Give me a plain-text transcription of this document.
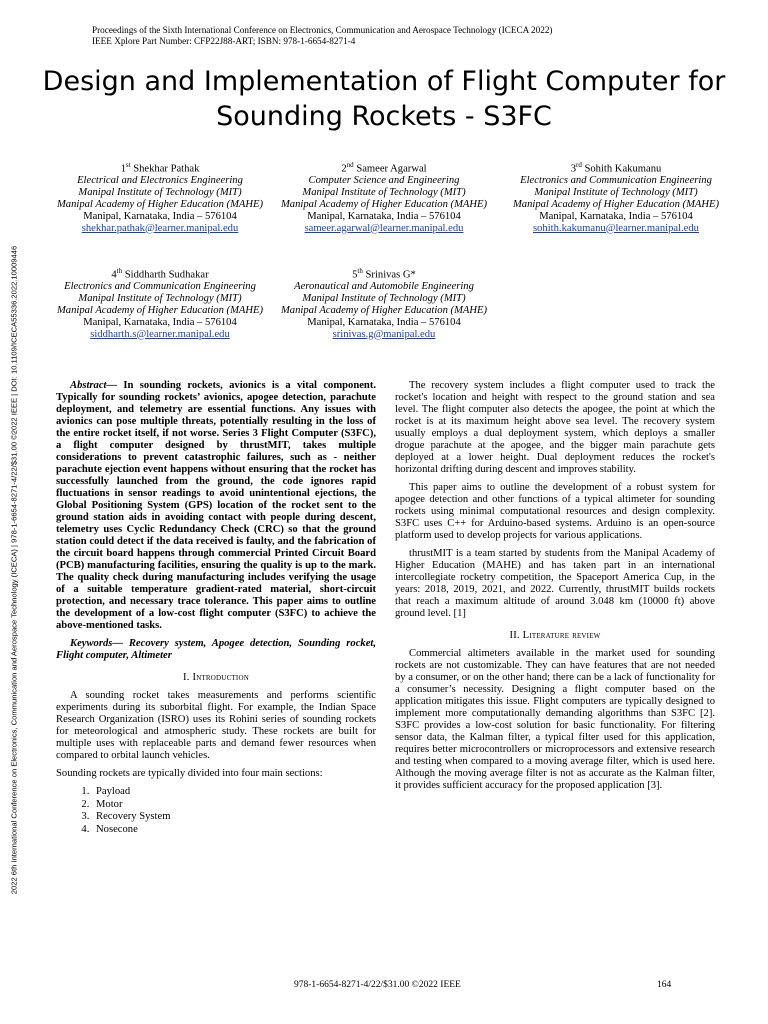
Proceedings of the Sixth International Conference on Electronics, Communication and Aerospace Technology (ICECA 2022)
IEEE Xplore Part Number: CFP22J88-ART; ISBN: 978-1-6654-8271-4
Design and Implementation of Flight Computer for Sounding Rockets - S3FC
2022 6th International Conference on Electronics, Communication and Aerospace Technology (ICECA) | 978-1-6654-8271-4/22/$31.00 ©2022 IEEE | DOI: 10.1109/ICECA55336.2022.10009446
1st Shekhar Pathak
Electrical and Electronics Engineering
Manipal Institute of Technology (MIT)
Manipal Academy of Higher Education (MAHE)
Manipal, Karnataka, India – 576104
shekhar.pathak@learner.manipal.edu
2nd Sameer Agarwal
Computer Science and Engineering
Manipal Institute of Technology (MIT)
Manipal Academy of Higher Education (MAHE)
Manipal, Karnataka, India – 576104
sameer.agarwal@learner.manipal.edu
3rd Sohith Kakumanu
Electronics and Communication Engineering
Manipal Institute of Technology (MIT)
Manipal Academy of Higher Education (MAHE)
Manipal, Karnataka, India – 576104
sohith.kakumanu@learner.manipal.edu
4th Siddharth Sudhakar
Electronics and Communication Engineering
Manipal Institute of Technology (MIT)
Manipal Academy of Higher Education (MAHE)
Manipal, Karnataka, India – 576104
siddharth.s@learner.manipal.edu
5th Srinivas G*
Aeronautical and Automobile Engineering
Manipal Institute of Technology (MIT)
Manipal Academy of Higher Education (MAHE)
Manipal, Karnataka, India – 576104
srinivas.g@manipal.edu

Abstract— In sounding rockets, avionics is a vital component. Typically for sounding rockets’ avionics, apogee detection, parachute deployment, and telemetry are essential functions. Any issues with avionics can pose multiple threats, potentially resulting in the loss of the entire rocket itself, if not worse. Series 3 Flight Computer (S3FC), a flight computer designed by thrustMIT, takes multiple considerations to prevent catastrophic failures, such as - neither parachute ejection event happens without ensuring that the rocket has successfully launched from the ground, the code ignores rapid fluctuations in sensor readings to avoid unintentional ejections, the Global Positioning System (GPS) location of the rocket sent to the ground station aids in avoiding contact with people during descent, telemetry uses Cyclic Redundancy Check (CRC) so that the ground station could detect if the data received is faulty, and the fabrication of the circuit board happens through commercial Printed Circuit Board (PCB) manufacturing facilities, ensuring the quality is up to the mark. The quality check during manufacturing includes verifying the usage of a suitable temperature gradient-rated material, short-circuit protection, and necessary trace tolerance. This paper aims to outline the development of a low-cost flight computer (S3FC) to achieve the above-mentioned tasks.

Keywords— Recovery system, Apogee detection, Sounding rocket, Flight computer, Altimeter

I. Introduction

A sounding rocket takes measurements and performs scientific experiments during its suborbital flight. For example, the Indian Space Research Organization (ISRO) uses its Rohini series of sounding rockets for meteorological and atmospheric study. These rockets are built for multiple uses with replaceable parts and demand fewer resources when compared to orbital launch vehicles.

Sounding rockets are typically divided into four main sections:

1. Payload
2. Motor
3. Recovery System
4. Nosecone

The recovery system includes a flight computer used to track the rocket's location and height with respect to the ground station and sea level. The flight computer also detects the apogee, the point at which the rocket is at its maximum height above sea level. The recovery system usually employs a dual deployment system, which deploys a smaller drogue parachute at the apogee, and the bigger main parachute gets deployed at a lower height. Dual deployment reduces the rocket's horizontal drifting during descent and improves stability.

This paper aims to outline the development of a robust system for apogee detection and other functions of a typical altimeter for sounding rockets using minimal computational resources and design complexity. S3FC uses C++ for Arduino-based systems. Arduino is an open-source platform used to develop projects for various applications.

thrustMIT is a team started by students from the Manipal Academy of Higher Education (MAHE) and has taken part in an international intercollegiate rocketry competition, the Spaceport America Cup, in the years: 2018, 2019, 2021, and 2022. Currently, thrustMIT builds rockets that reach a maximum altitude of around 3.048 km (10000 ft) above ground level. [1]

II. Literature review

Commercial altimeters available in the market used for sounding rockets are not customizable. They can have features that are not needed by a consumer, or on the other hand; there can be a lack of functionality for a consumer’s necessity. Designing a flight computer based on the application mitigates this issue. Flight computers are typically designed to implement more computationally demanding algorithms than S3FC [2]. S3FC provides a low-cost solution for basic functionality. For filtering sensor data, the Kalman filter, a typical filter used for this application, requires better microcontrollers or microprocessors and extensive research and testing when compared to a moving average filter, which is used here. Although the moving average filter is not as accurate as the Kalman filter, it provides sufficient accuracy for the proposed application [3].

978-1-6654-8271-4/22/$31.00 ©2022 IEEE	164
